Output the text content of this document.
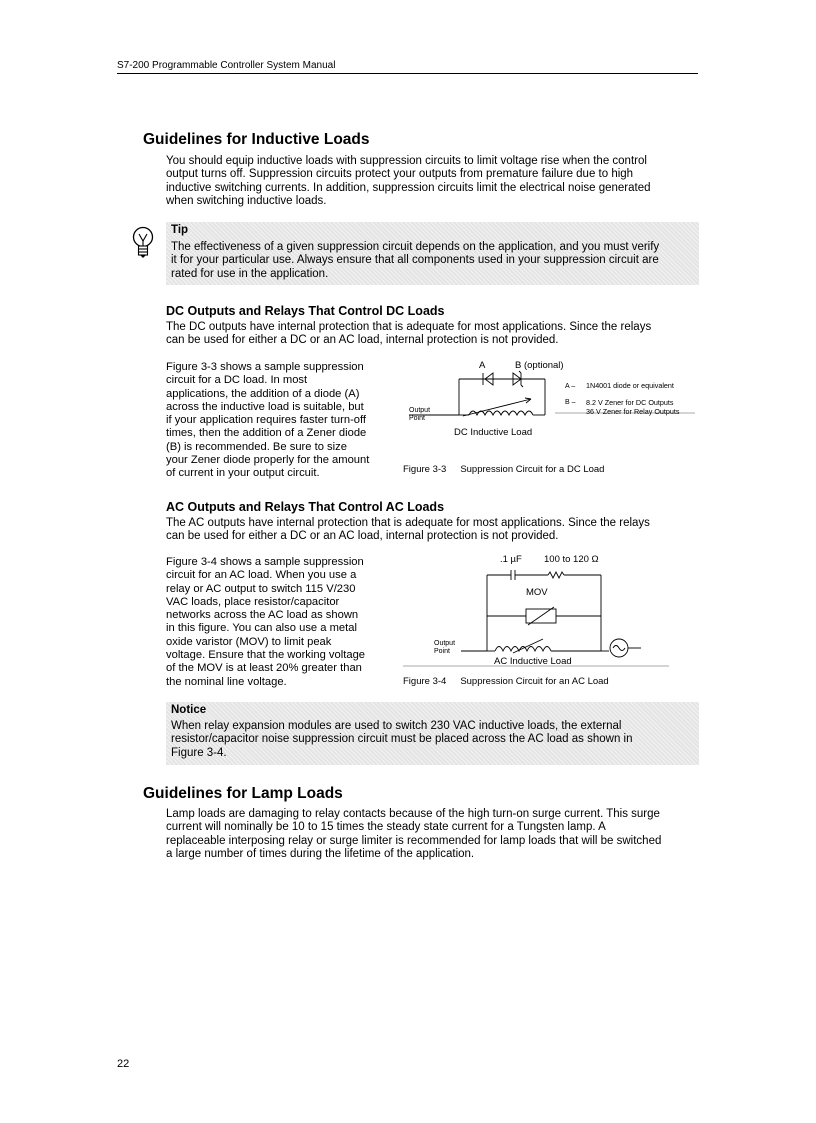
S7-200 Programmable Controller System Manual
Guidelines for Inductive Loads
You should equip inductive loads with suppression circuits to limit voltage rise when the control
output turns off. Suppression circuits protect your outputs from premature failure due to high
inductive switching currents. In addition, suppression circuits limit the electrical noise generated
when switching inductive loads.
Tip
The effectiveness of a given suppression circuit depends on the application, and you must verify
it for your particular use. Always ensure that all components used in your suppression circuit are
rated for use in the application.
DC Outputs and Relays That Control DC Loads
The DC outputs have internal protection that is adequate for most applications. Since the relays
can be used for either a DC or an AC load, internal protection is not provided.
Figure 3-3 shows a sample suppression
circuit for a DC load. In most
applications, the addition of a diode (A)
across the inductive load is suitable, but
if your application requires faster turn-off
times, then the addition of a Zener diode
(B) is recommended. Be sure to size
your Zener diode properly for the amount
of current in your output circuit.
A	B (optional)
A – 1N4001 diode or equivalent
B – 8.2 V Zener for DC Outputs
36 V Zener for Relay Outputs
Output
Point
DC Inductive Load
Figure 3-3 Suppression Circuit for a DC Load
AC Outputs and Relays That Control AC Loads
The AC outputs have internal protection that is adequate for most applications. Since the relays
can be used for either a DC or an AC load, internal protection is not provided.
Figure 3-4 shows a sample suppression
circuit for an AC load. When you use a
relay or AC output to switch 115 V/230
VAC loads, place resistor/capacitor
networks across the AC load as shown
in this figure. You can also use a metal
oxide varistor (MOV) to limit peak
voltage. Ensure that the working voltage
of the MOV is at least 20% greater than
the nominal line voltage.
.1 µF 100 to 120 Ω
MOV
Output
Point
AC Inductive Load
Figure 3-4 Suppression Circuit for an AC Load
Notice
When relay expansion modules are used to switch 230 VAC inductive loads, the external
resistor/capacitor noise suppression circuit must be placed across the AC load as shown in
Figure 3-4.
Guidelines for Lamp Loads
Lamp loads are damaging to relay contacts because of the high turn-on surge current. This surge
current will nominally be 10 to 15 times the steady state current for a Tungsten lamp. A
replaceable interposing relay or surge limiter is recommended for lamp loads that will be switched
a large number of times during the lifetime of the application.
22
